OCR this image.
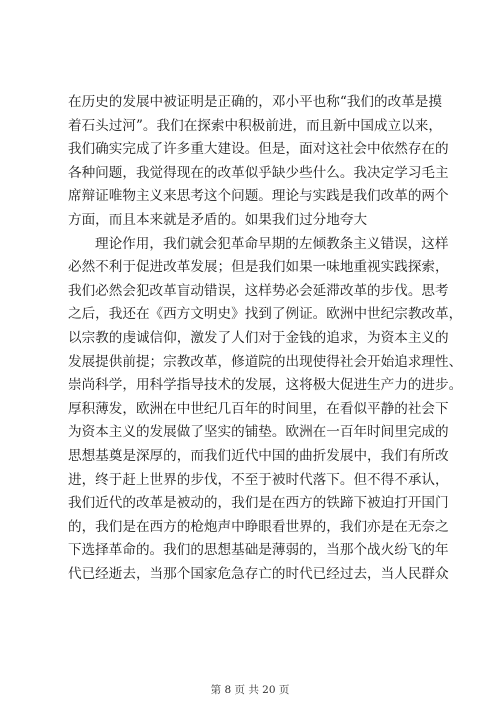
在历史的发展中被证明是正确的，邓小平也称“我们的改革是摸
着石头过河”。我们在探索中积极前进，而且新中国成立以来，
我们确实完成了许多重大建设。但是，面对这社会中依然存在的
各种问题，我觉得现在的改革似乎缺少些什么。我决定学习毛主
席辩证唯物主义来思考这个问题。理论与实践是我们改革的两个
方面，而且本来就是矛盾的。如果我们过分地夸大
理论作用，我们就会犯革命早期的左倾教条主义错误，这样
必然不利于促进改革发展；但是我们如果一味地重视实践探索，
我们必然会犯改革盲动错误，这样势必会延滞改革的步伐。思考
之后，我还在《西方文明史》找到了例证。欧洲中世纪宗教改革，
以宗教的虔诚信仰，激发了人们对于金钱的追求，为资本主义的
发展提供前提；宗教改革，修道院的出现使得社会开始追求理性、
崇尚科学，用科学指导技术的发展，这将极大促进生产力的进步。
厚积薄发，欧洲在中世纪几百年的时间里，在看似平静的社会下
为资本主义的发展做了坚实的铺垫。欧洲在一百年时间里完成的
思想基奠是深厚的，而我们近代中国的曲折发展中，我们有所改
进，终于赶上世界的步伐，不至于被时代落下。但不得不承认，
我们近代的改革是被动的，我们是在西方的铁蹄下被迫打开国门
的，我们是在西方的枪炮声中睁眼看世界的，我们亦是在无奈之
下选择革命的。我们的思想基础是薄弱的，当那个战火纷飞的年
代已经逝去，当那个国家危急存亡的时代已经过去，当人民群众
第 8 页 共 20 页
